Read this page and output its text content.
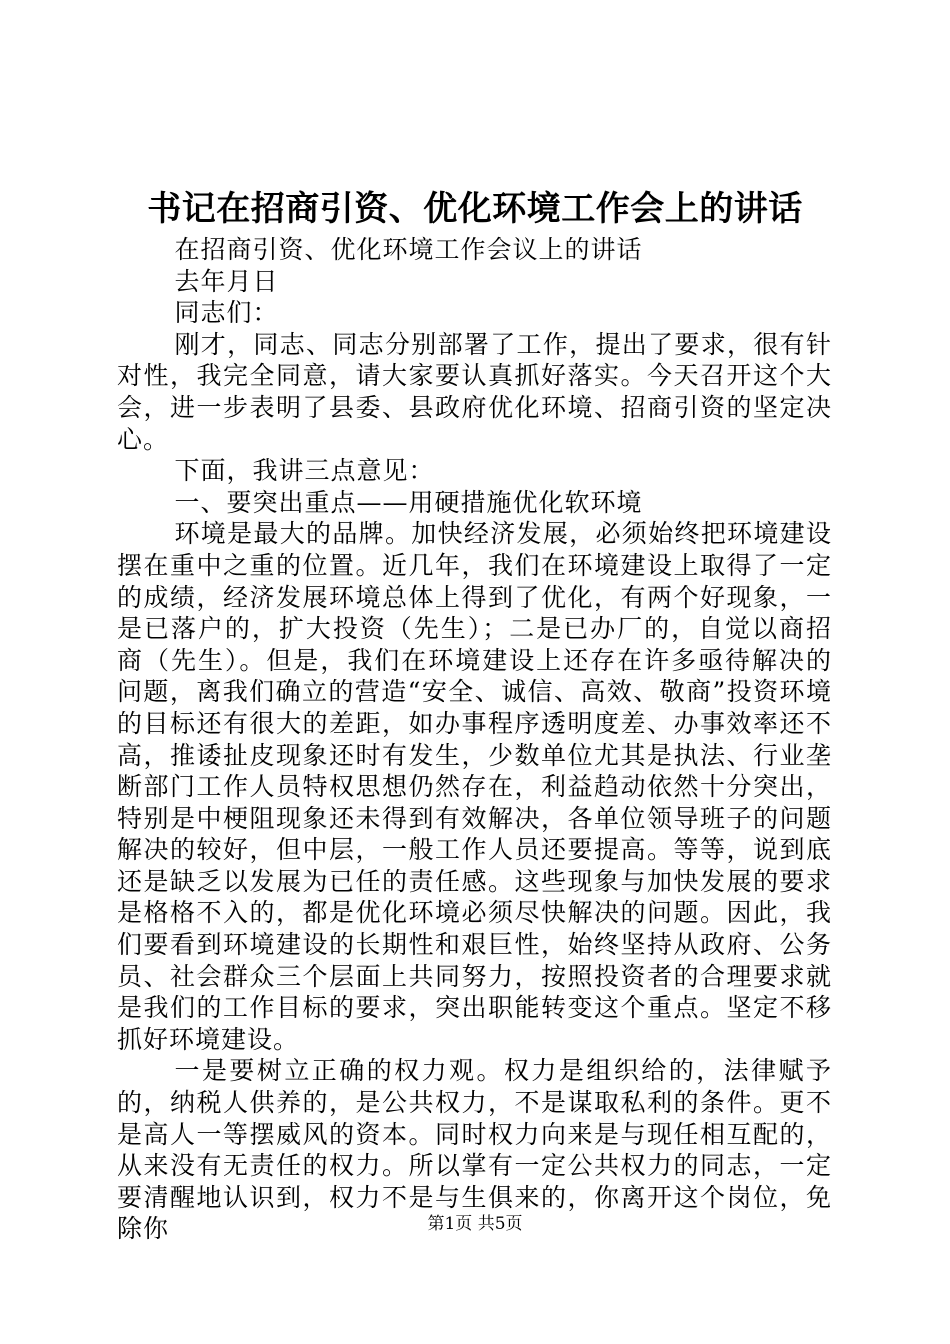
书记在招商引资、优化环境工作会上的讲话

在招商引资、优化环境工作会议上的讲话

去年月日

同志们：

刚才，同志、同志分别部署了工作，提出了要求，很有针对性，我完全同意，请大家要认真抓好落实。今天召开这个大会，进一步表明了县委、县政府优化环境、招商引资的坚定决心。

下面，我讲三点意见：

一、要突出重点——用硬措施优化软环境

环境是最大的品牌。加快经济发展，必须始终把环境建设摆在重中之重的位置。近几年，我们在环境建设上取得了一定的成绩，经济发展环境总体上得到了优化，有两个好现象，一是已落户的，扩大投资（先生）；二是已办厂的，自觉以商招商（先生）。但是，我们在环境建设上还存在许多亟待解决的问题，离我们确立的营造“安全、诚信、高效、敬商”投资环境的目标还有很大的差距，如办事程序透明度差、办事效率还不高，推诿扯皮现象还时有发生，少数单位尤其是执法、行业垄断部门工作人员特权思想仍然存在，利益趋动依然十分突出，特别是中梗阻现象还未得到有效解决，各单位领导班子的问题解决的较好，但中层，一般工作人员还要提高。等等，说到底还是缺乏以发展为已任的责任感。这些现象与加快发展的要求是格格不入的，都是优化环境必须尽快解决的问题。因此，我们要看到环境建设的长期性和艰巨性，始终坚持从政府、公务员、社会群众三个层面上共同努力，按照投资者的合理要求就是我们的工作目标的要求，突出职能转变这个重点。坚定不移抓好环境建设。

一是要树立正确的权力观。权力是组织给的，法律赋予的，纳税人供养的，是公共权力，不是谋取私利的条件。更不是高人一等摆威风的资本。同时权力向来是与现任相互配的，从来没有无责任的权力。所以掌有一定公共权力的同志，一定要清醒地认识到，权力不是与生俱来的，你离开这个岗位，免除你	第1页 共5页
